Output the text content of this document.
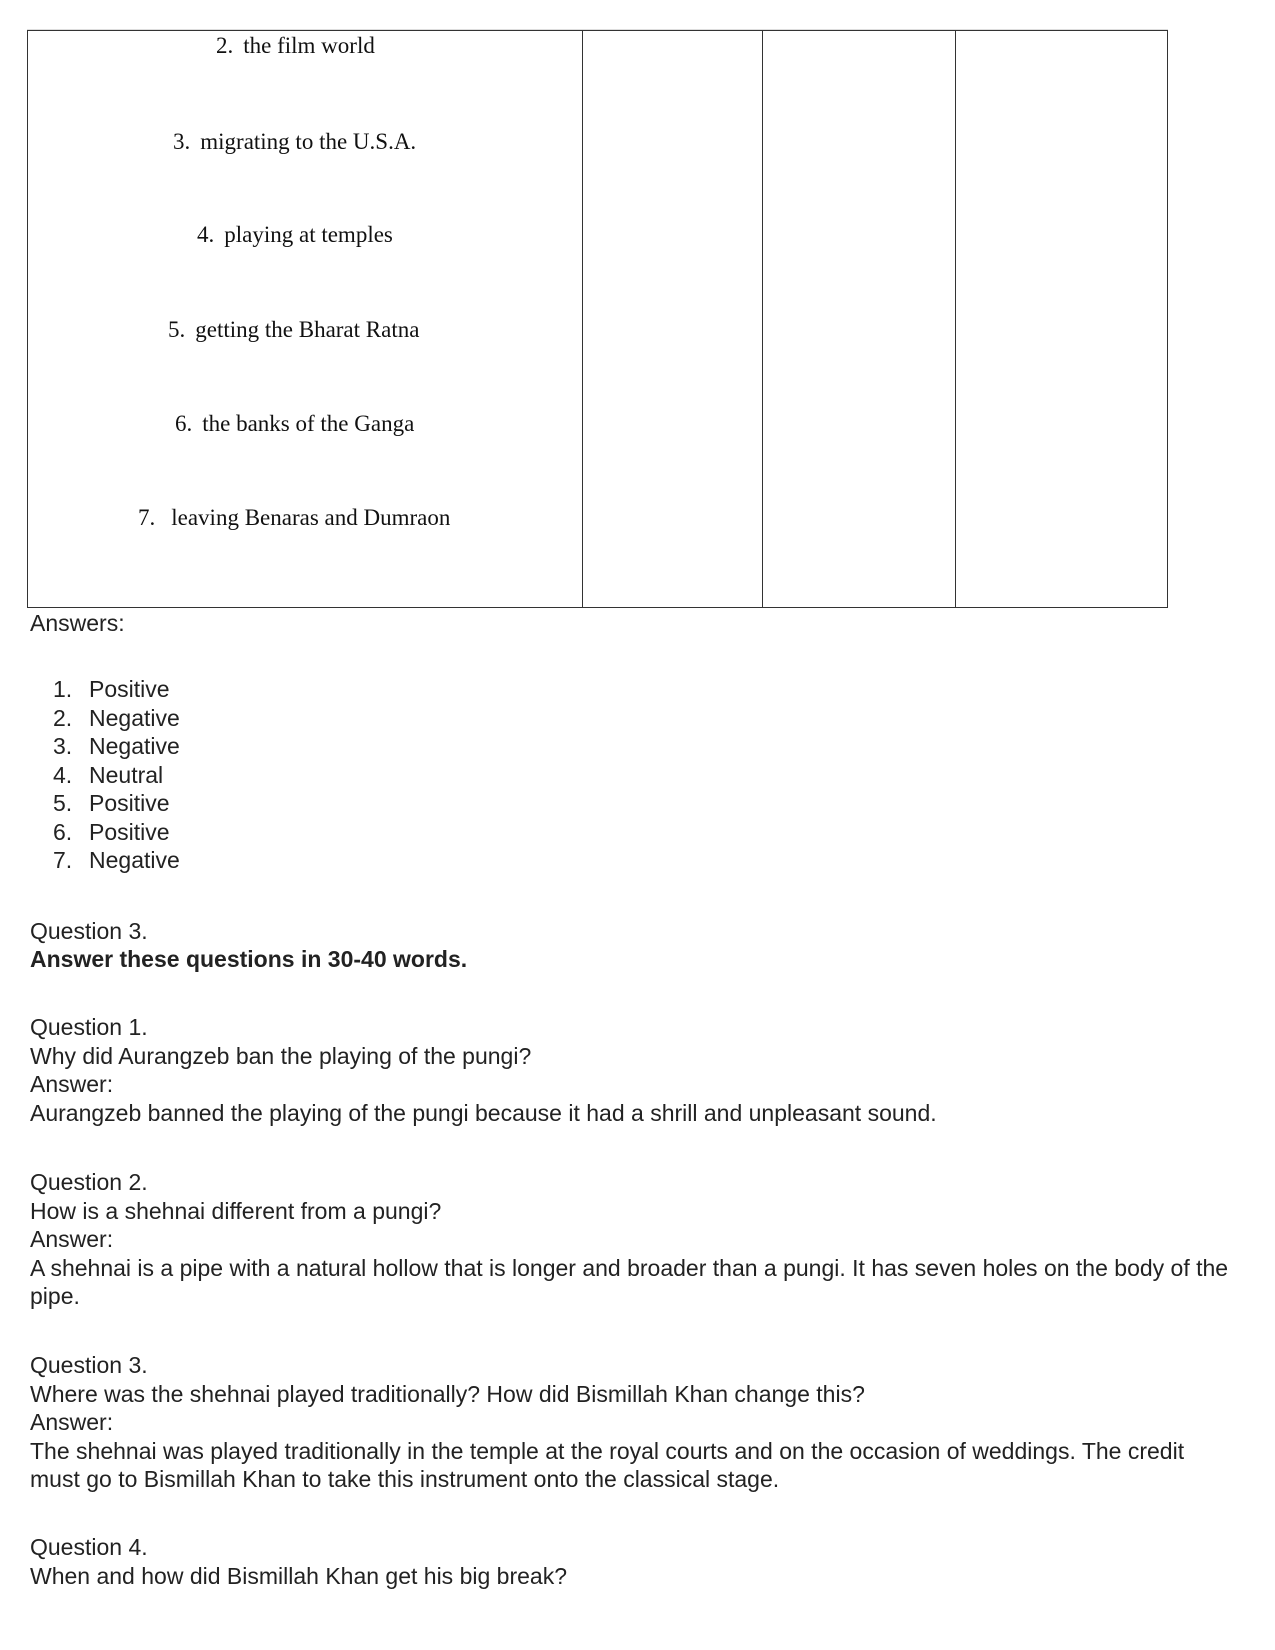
2. the film world
3. migrating to the U.S.A.
4. playing at temples
5. getting the Bharat Ratna
6. the banks of the Ganga
7. leaving Benaras and Dumraon

Answers:
1. Positive
2. Negative
3. Negative
4. Neutral
5. Positive
6. Positive
7. Negative
Question 3.
Answer these questions in 30-40 words.
Question 1.
Why did Aurangzeb ban the playing of the pungi?
Answer:
Aurangzeb banned the playing of the pungi because it had a shrill and unpleasant sound.
Question 2.
How is a shehnai different from a pungi?
Answer:
A shehnai is a pipe with a natural hollow that is longer and broader than a pungi. It has seven holes on the body of the pipe.
Question 3.
Where was the shehnai played traditionally? How did Bismillah Khan change this?
Answer:
The shehnai was played traditionally in the temple at the royal courts and on the occasion of weddings. The credit must go to Bismillah Khan to take this instrument onto the classical stage.
Question 4.
When and how did Bismillah Khan get his big break?
